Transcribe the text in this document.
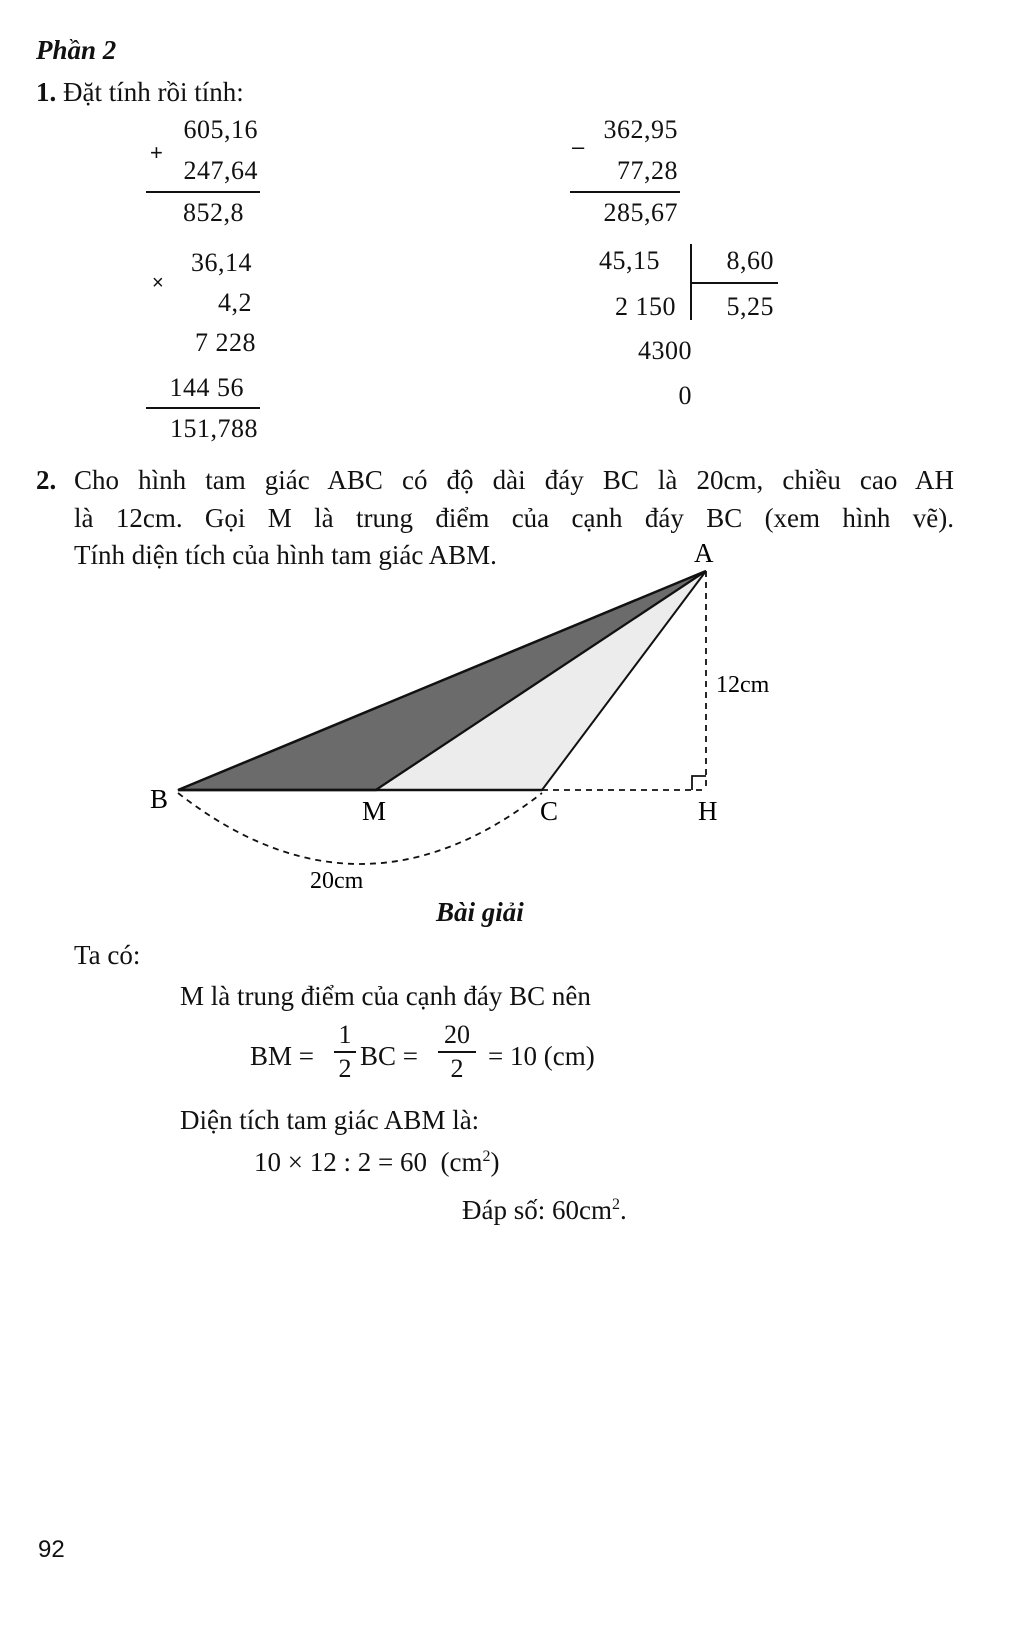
Phần 2
1. Đặt tính rồi tính:
+
605,16
247,64
852,8
–
362,95
77,28
285,67
36,14
×
4,2
7 228
144 56
151,788
45,15	8,60
2 150	5,25
4300
0
2. Cho hình tam giác ABC có độ dài đáy BC là 20cm, chiều cao AH
là 12cm. Gọi M là trung điểm của cạnh đáy BC (xem hình vẽ).
Tính diện tích của hình tam giác ABM.	A
B	M	C	H
12cm
20cm
Bài giải
Ta có:
M là trung điểm của cạnh đáy BC nên
BM =
1
2 BC =
20
2 = 10 (cm)
Diện tích tam giác ABM là:
10 × 12 : 2 = 60 $(cm^2)$
Đáp số: $60cm^2$.
92
